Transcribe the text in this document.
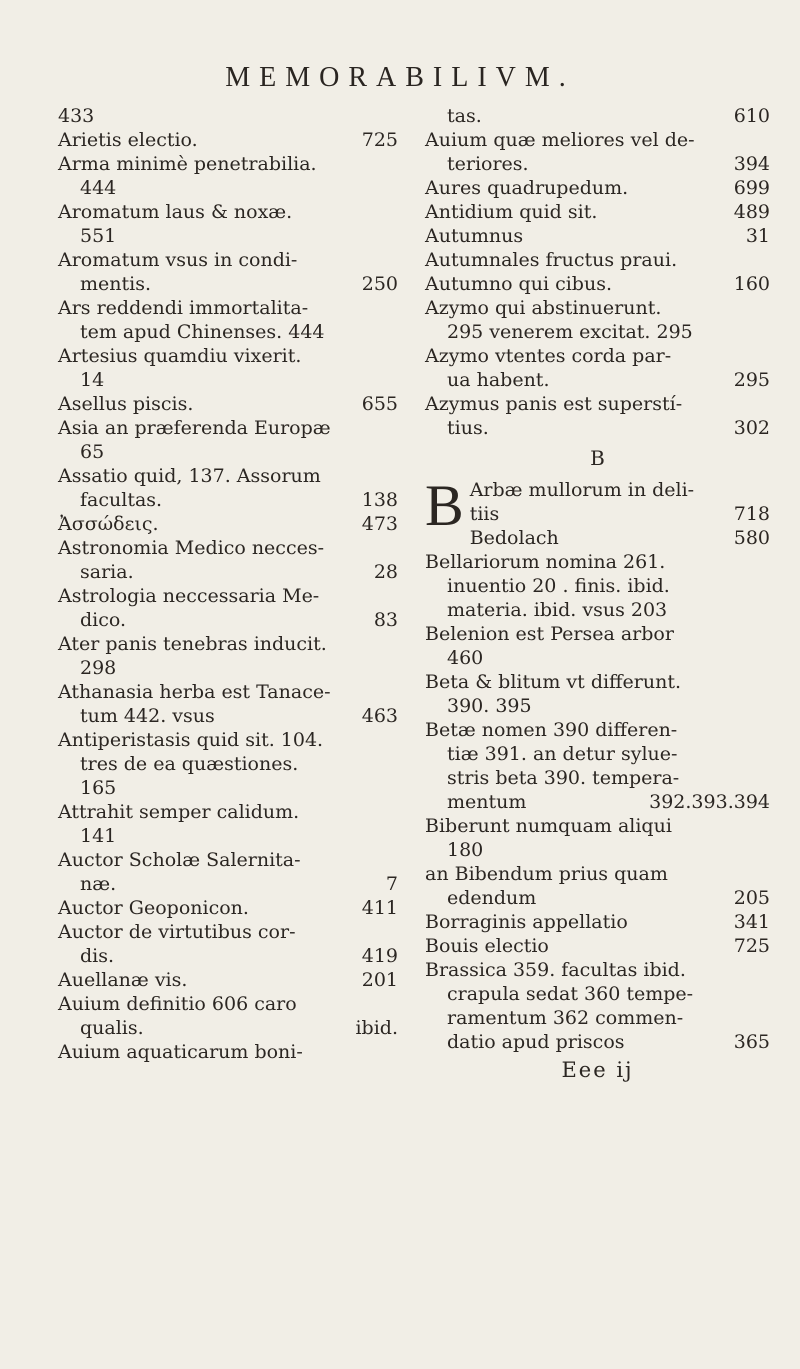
MEMORABILIVM.
433
Arietis electio.	725
Arma minimè penetrabilia.
444
Aromatum laus & noxæ.
551
Aromatum vsus in condi-
mentis.	250
Ars reddendi immortalita-
tem apud Chinenses. 444
Artesius quamdiu vixerit.
14
Asellus piscis.	655
Asia an præferenda Europæ
65
Assatio quid, 137. Assorum
facultas.	138
Ἀσσώδεις.	473
Astronomia Medico necces-
saria.	28
Astrologia neccessaria Me-
dico.	83
Ater panis tenebras inducit.
298
Athanasia herba est Tanace-
tum 442. vsus	463
Antiperistasis quid sit. 104.
tres de ea quæstiones.
165
Attrahit semper calidum.
141
Auctor Scholæ Salernita-
næ.	7
Auctor Geoponicon.	411
Auctor de virtutibus cor-
dis.	419
Auellanæ vis.	201
Auium definitio 606 caro
qualis.	ibid.
Auium aquaticarum boni-
tas.	610
Auium quæ meliores vel de-
teriores.	394
Aures quadrupedum.	699
Antidium quid sit.	489
Autumnus	31
Autumnales fructus praui.
Autumno qui cibus.	160
Azymo qui abstinuerunt.
295 venerem excitat. 295
Azymo vtentes corda par-
ua habent.	295
Azymus panis est superstí-
tius.	302
B
B Arbæ mullorum in deli-
tiis	718
Bedolach	580
Bellariorum nomina 261.
inuentio 20 . finis. ibid.
materia. ibid. vsus 203
Belenion est Persea arbor
460
Beta & blitum vt differunt.
390. 395
Betæ nomen 390 differen-
tiæ 391. an detur sylue-
stris beta 390. tempera-
mentum	392.393.394
Biberunt numquam aliqui
180
an Bibendum prius quam
edendum	205
Borraginis appellatio	341
Bouis electio	725
Brassica 359. facultas ibid.
crapula sedat 360 tempe-
ramentum 362 commen-
datio apud priscos	365
Eee ij
